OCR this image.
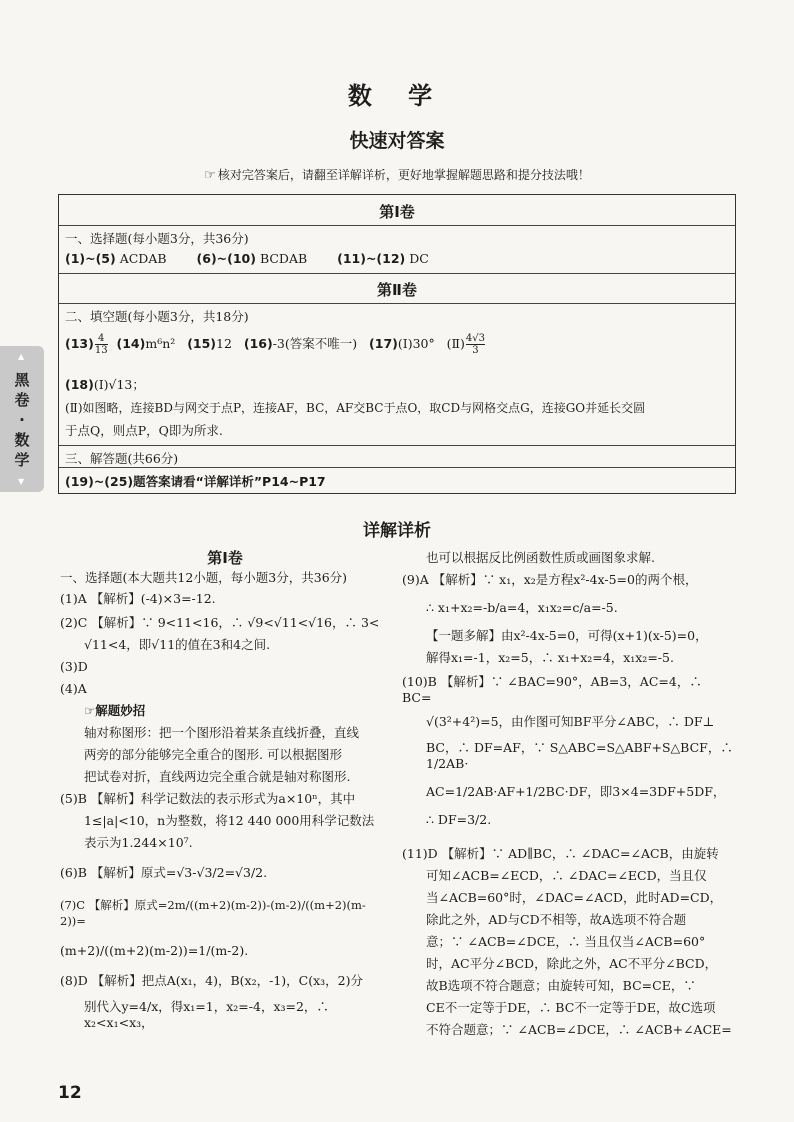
数 学
快速对答案
☞ 核对完答案后，请翻至详解详析，更好地掌握解题思路和提分技法哦！
▲
黑卷·数学
▼
第Ⅰ卷
一、选择题(每小题3分，共36分)
(1)~(5) ACDAB (6)~(10) BCDAB (11)~(12) DC
第Ⅱ卷
二、填空题(每小题3分，共18分)
$(13) \frac{4}{13} (14)m^6n^2$ (15)12 (16)-3(答案不唯一) (17)(Ⅰ)30° (Ⅱ) $\frac{4√3}{3}$
(18)(Ⅰ)√13；
(Ⅱ)如图略，连接BD与网交于点P，连接AF，BC，AF交BC于点O，取CD与网格交点G，连接GO并延长交圆
于点Q，则点P，Q即为所求.
三、解答题(共66分)
(19)~(25)题答案请看“详解详析”P14~P17
详解详析
第Ⅰ卷

一、选择题(本大题共12小题，每小题3分，共36分)

(1)A 【解析】(-4)×3=-12.

(2)C 【解析】∵ 9<11<16，∴ √9<√11<√16，∴ 3<

√11<4，即√11的值在3和4之间.

(3)D

(4)A

☞解题妙招

轴对称图形：把一个图形沿着某条直线折叠，直线

两旁的部分能够完全重合的图形. 可以根据图形

把试卷对折，直线两边完全重合就是轴对称图形.

(5)B 【解析】科学记数法的表示形式为a×10ⁿ，其中

1≤|a|<10，n为整数，将12 440 000用科学记数法

表示为1.244×10⁷.

(6)B 【解析】原式=√3-√3/2=√3/2.

(7)C 【解析】原式=2m/((m+2)(m-2))-(m-2)/((m+2)(m-2))=

(m+2)/((m+2)(m-2))=1/(m-2).

(8)D 【解析】把点A(x₁，4)，B(x₂，-1)，C(x₃，2)分

别代入y=4/x，得x₁=1，x₂=-4，x₃=2，∴ x₂<x₁<x₃，

也可以根据反比例函数性质或画图象求解.

(9)A 【解析】∵ x₁，x₂是方程x²-4x-5=0的两个根，

∴ x₁+x₂=-b/a=4，x₁x₂=c/a=-5.

【一题多解】由x²-4x-5=0，可得(x+1)(x-5)=0，

解得x₁=-1，x₂=5，∴ x₁+x₂=4，x₁x₂=-5.

(10)B 【解析】∵ ∠BAC=90°，AB=3，AC=4，∴ BC=

√(3²+4²)=5，由作图可知BF平分∠ABC，∴ DF⊥

BC，∴ DF=AF，∵ S△ABC=S△ABF+S△BCF，∴ 1/2AB·

AC=1/2AB·AF+1/2BC·DF，即3×4=3DF+5DF，

∴ DF=3/2.

(11)D 【解析】∵ AD∥BC，∴ ∠DAC=∠ACB，由旋转

可知∠ACB=∠ECD，∴ ∠DAC=∠ECD，当且仅

当∠ACB=60°时，∠DAC=∠ACD，此时AD=CD，

除此之外，AD与CD不相等，故A选项不符合题

意；∵ ∠ACB=∠DCE，∴ 当且仅当∠ACB=60°

时，AC平分∠BCD，除此之外，AC不平分∠BCD，

故B选项不符合题意；由旋转可知，BC=CE，∵

CE不一定等于DE，∴ BC不一定等于DE，故C选项

不符合题意；∵ ∠ACB=∠DCE，∴ ∠ACB+∠ACE=

12
